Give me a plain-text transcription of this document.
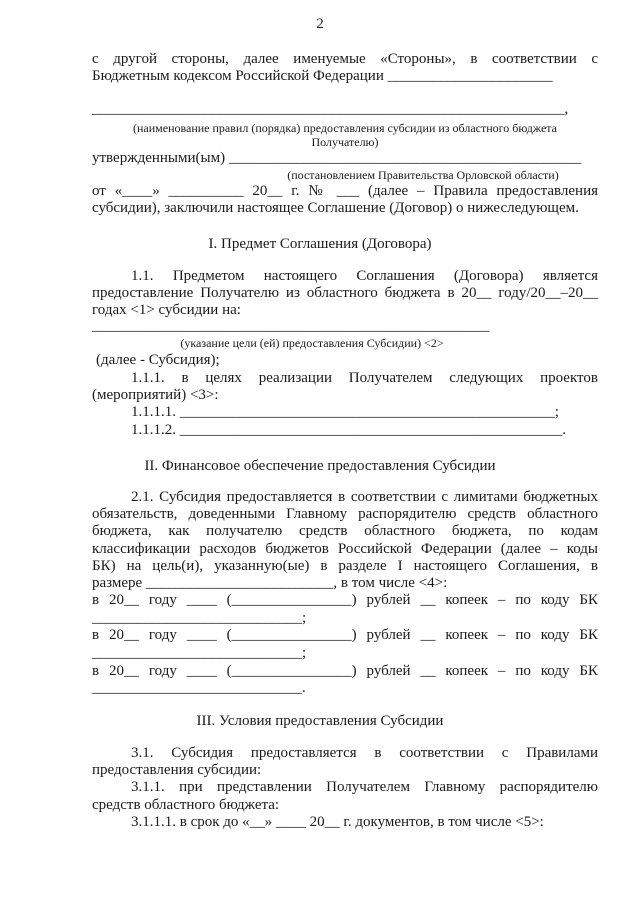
2
с другой стороны, далее именуемые «Стороны», в соответствии с
Бюджетным кодексом Российской Федерации ______________________
_______________________________________________________________,
(наименование правил (порядка) предоставления субсидии из областного бюджета
Получателю)
утвержденными(ым) _______________________________________________
(постановлением Правительства Орловской области)
от «____» __________ 20__ г. № ___ (далее – Правила предоставления
субсидии), заключили настоящее Соглашение (Договор) о нижеследующем.
I. Предмет Соглашения (Договора)
1.1. Предметом настоящего Соглашения (Договора) является
предоставление Получателю из областного бюджета в 20__ году/20__–20__
годах <1> субсидии на:
_____________________________________________________
(указание цели (ей) предоставления Субсидии) <2>
(далее - Субсидия);
1.1.1. в целях реализации Получателем следующих проектов
(мероприятий) <3>:
1.1.1.1. __________________________________________________;
1.1.1.2. ___________________________________________________.
II. Финансовое обеспечение предоставления Субсидии
2.1. Субсидия предоставляется в соответствии с лимитами бюджетных
обязательств, доведенными Главному распорядителю средств областного
бюджета, как получателю средств областного бюджета, по кодам
классификации расходов бюджетов Российской Федерации (далее – коды
БК) на цель(и), указанную(ые) в разделе I настоящего Соглашения, в
размере _________________________, в том числе <4>:
в 20__ году ____ (________________) рублей __ копеек – по коду БК
____________________________;
в 20__ году ____ (________________) рублей __ копеек – по коду БК
____________________________;
в 20__ году ____ (________________) рублей __ копеек – по коду БК
____________________________.
III. Условия предоставления Субсидии
3.1. Субсидия предоставляется в соответствии с Правилами
предоставления субсидии:
3.1.1. при представлении Получателем Главному распорядителю
средств областного бюджета:
3.1.1.1. в срок до «__» ____ 20__ г. документов, в том числе <5>:
